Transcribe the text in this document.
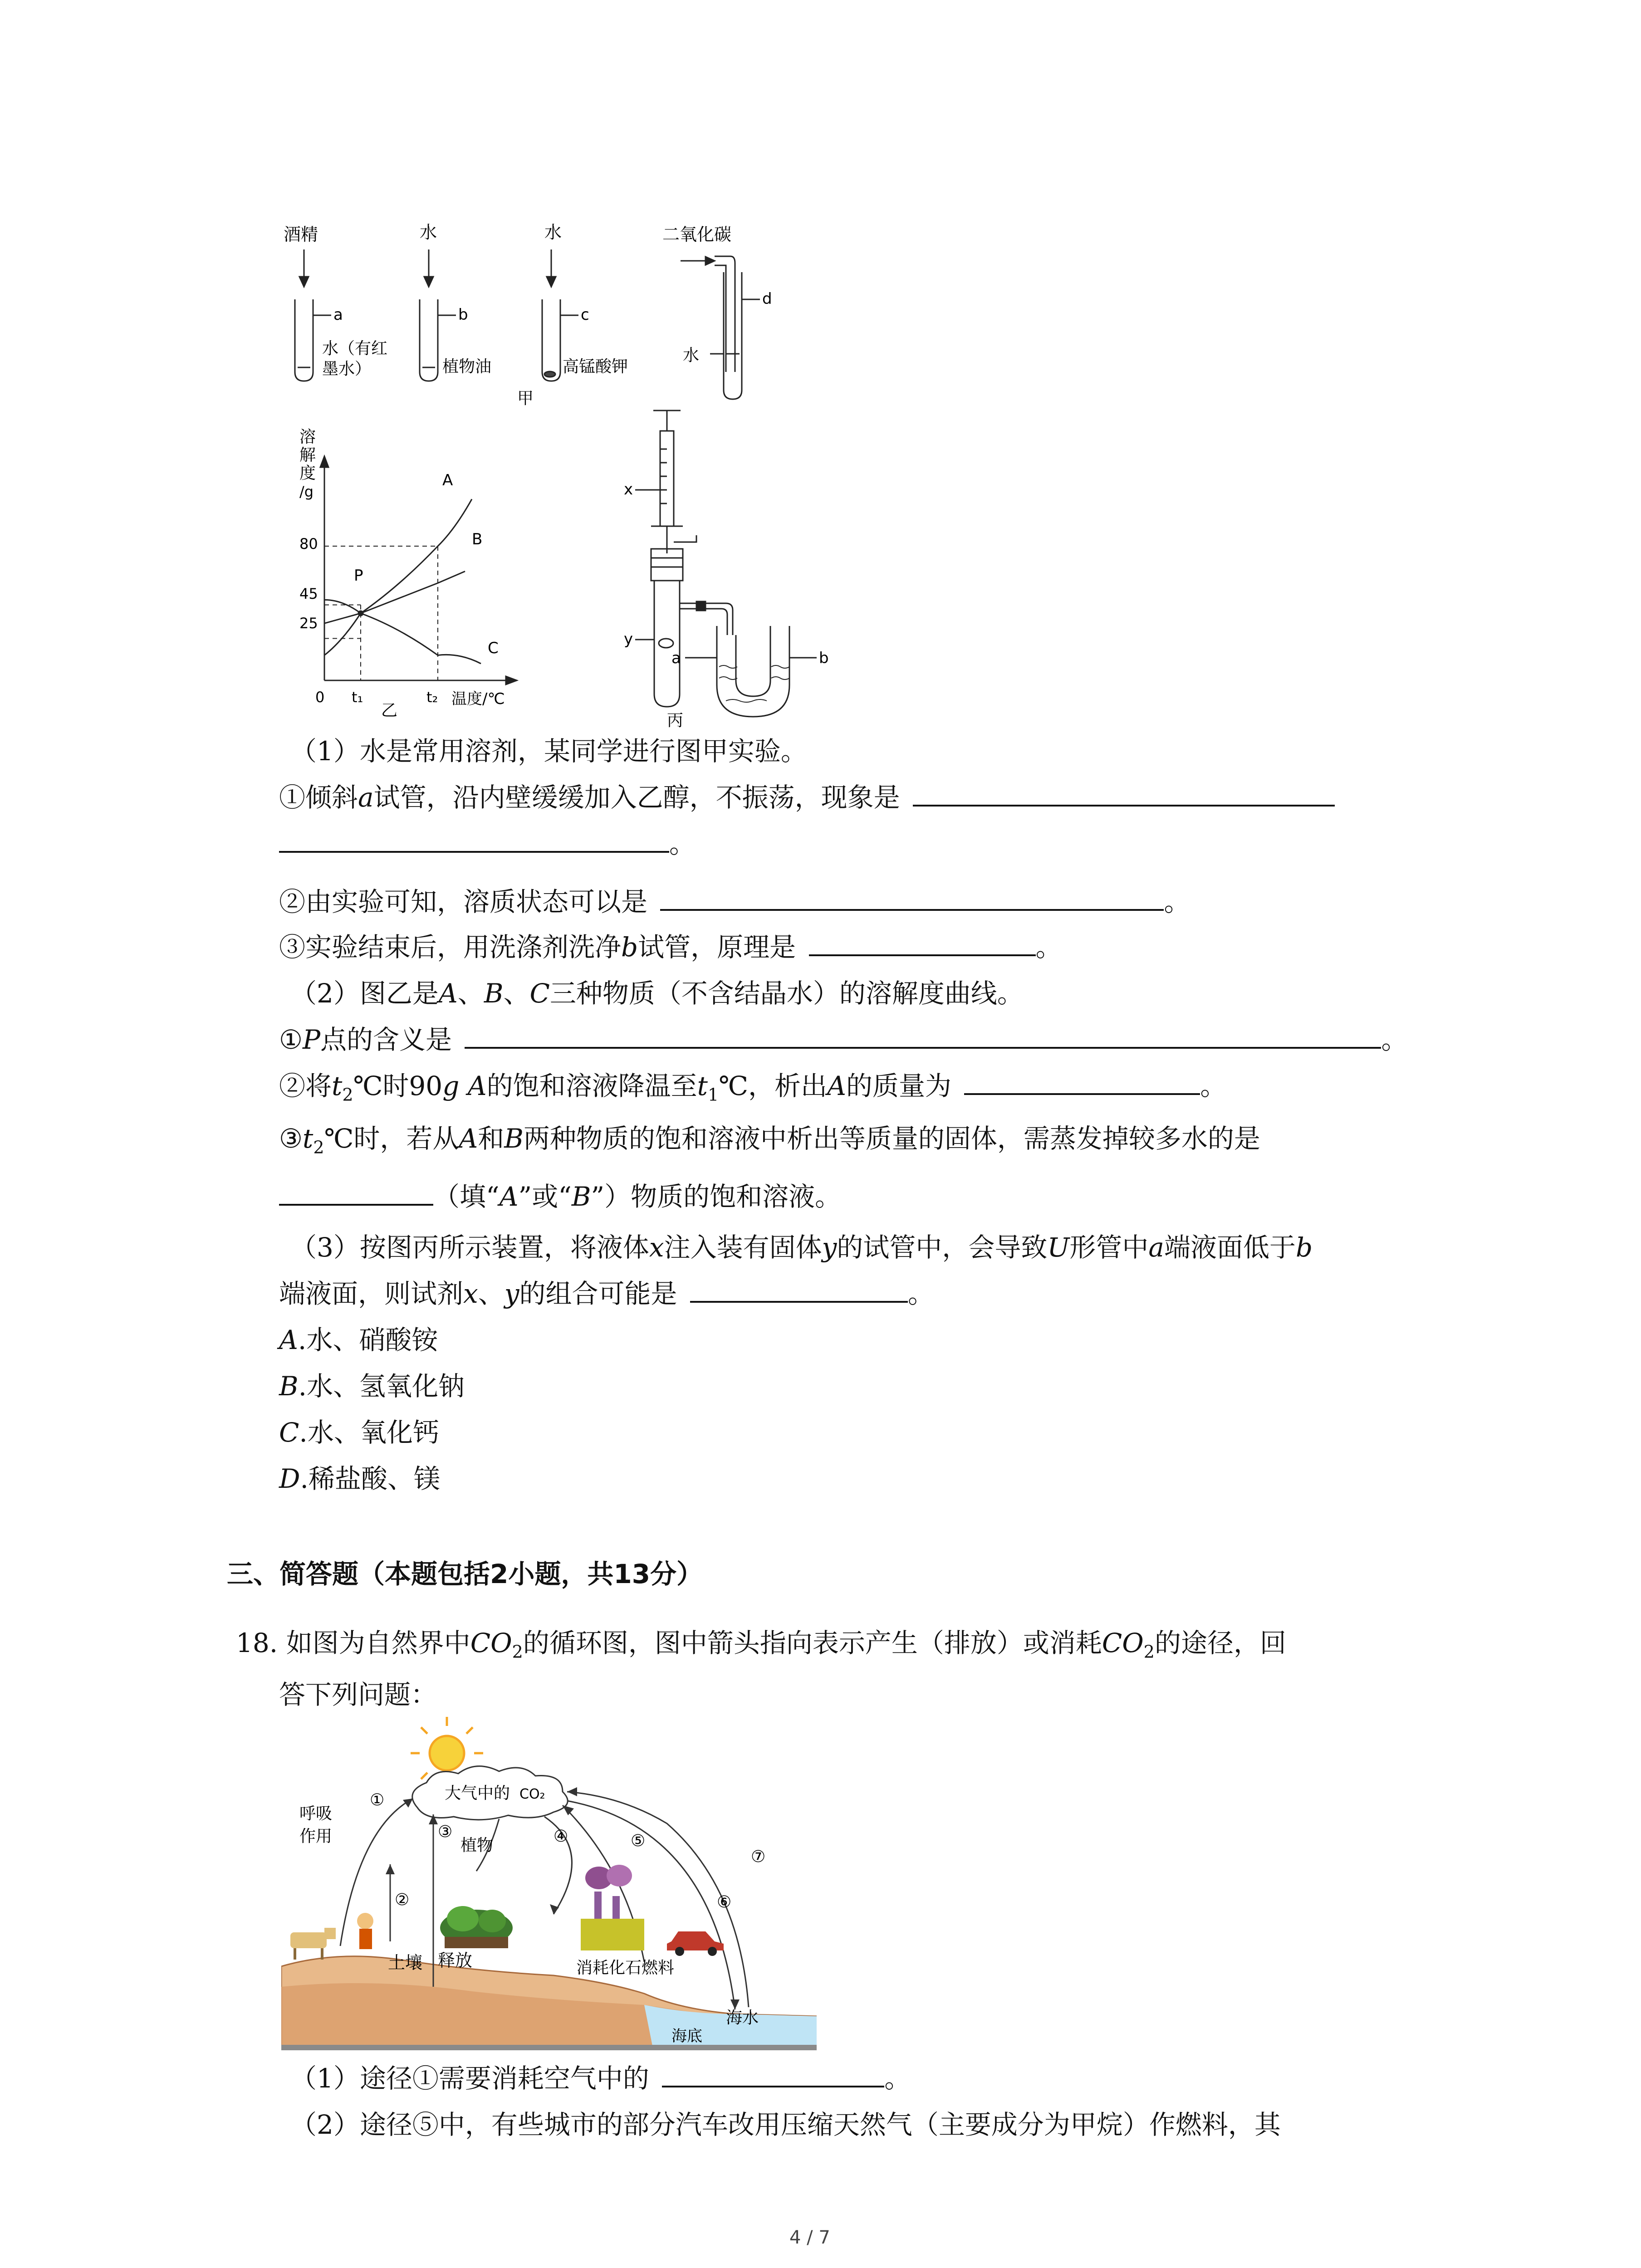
酒精	水	水	二氧化碳
a	b	c
d
水（有红
墨水）	植物油	高锰酸钾
水
甲
溶
解
度
/g
80
45
25
0 t₁	t₂ 温度/℃
P
A
B
C
乙
x
y
a	b
丙
（1）水是常用溶剂，某同学进行图甲实验。
①倾斜a试管，沿内壁缓缓加入乙醇，不振荡，现象是
。
②由实验可知，溶质状态可以是	。
③实验结束后，用洗涤剂洗净b试管，原理是	。
（2）图乙是A、B、C三种物质（不含结晶水）的溶解度曲线。
①P点的含义是	。
②将$t_2℃$时90g A的饱和溶液降温至$t_1℃$，析出A的质量为	。
$③t_2℃$时，若从A和B两种物质的饱和溶液中析出等质量的固体，需蒸发掉较多水的是
（填“A”或“B”）物质的饱和溶液。
（3）按图丙所示装置，将液体x注入装有固体y的试管中，会导致U形管中a端液面低于b
端液面，则试剂x、y的组合可能是	。
A.水、硝酸铵
B.水、氢氧化钠
C.水、氧化钙
D.稀盐酸、镁
三、简答题（本题包括2小题，共13分）
18. 如图为自然界中$CO_2$的循环图，图中箭头指向表示产生（排放）或消耗$CO_2$的途径，回
答下列问题：
大气中的 CO₂
呼吸
作用	植物
土壤 释放	消耗化石燃料
海水
海底
①
②
③	④	⑤
⑥
⑦
（1）途径①需要消耗空气中的	。
（2）途径⑤中，有些城市的部分汽车改用压缩天然气（主要成分为甲烷）作燃料，其
4 / 7
